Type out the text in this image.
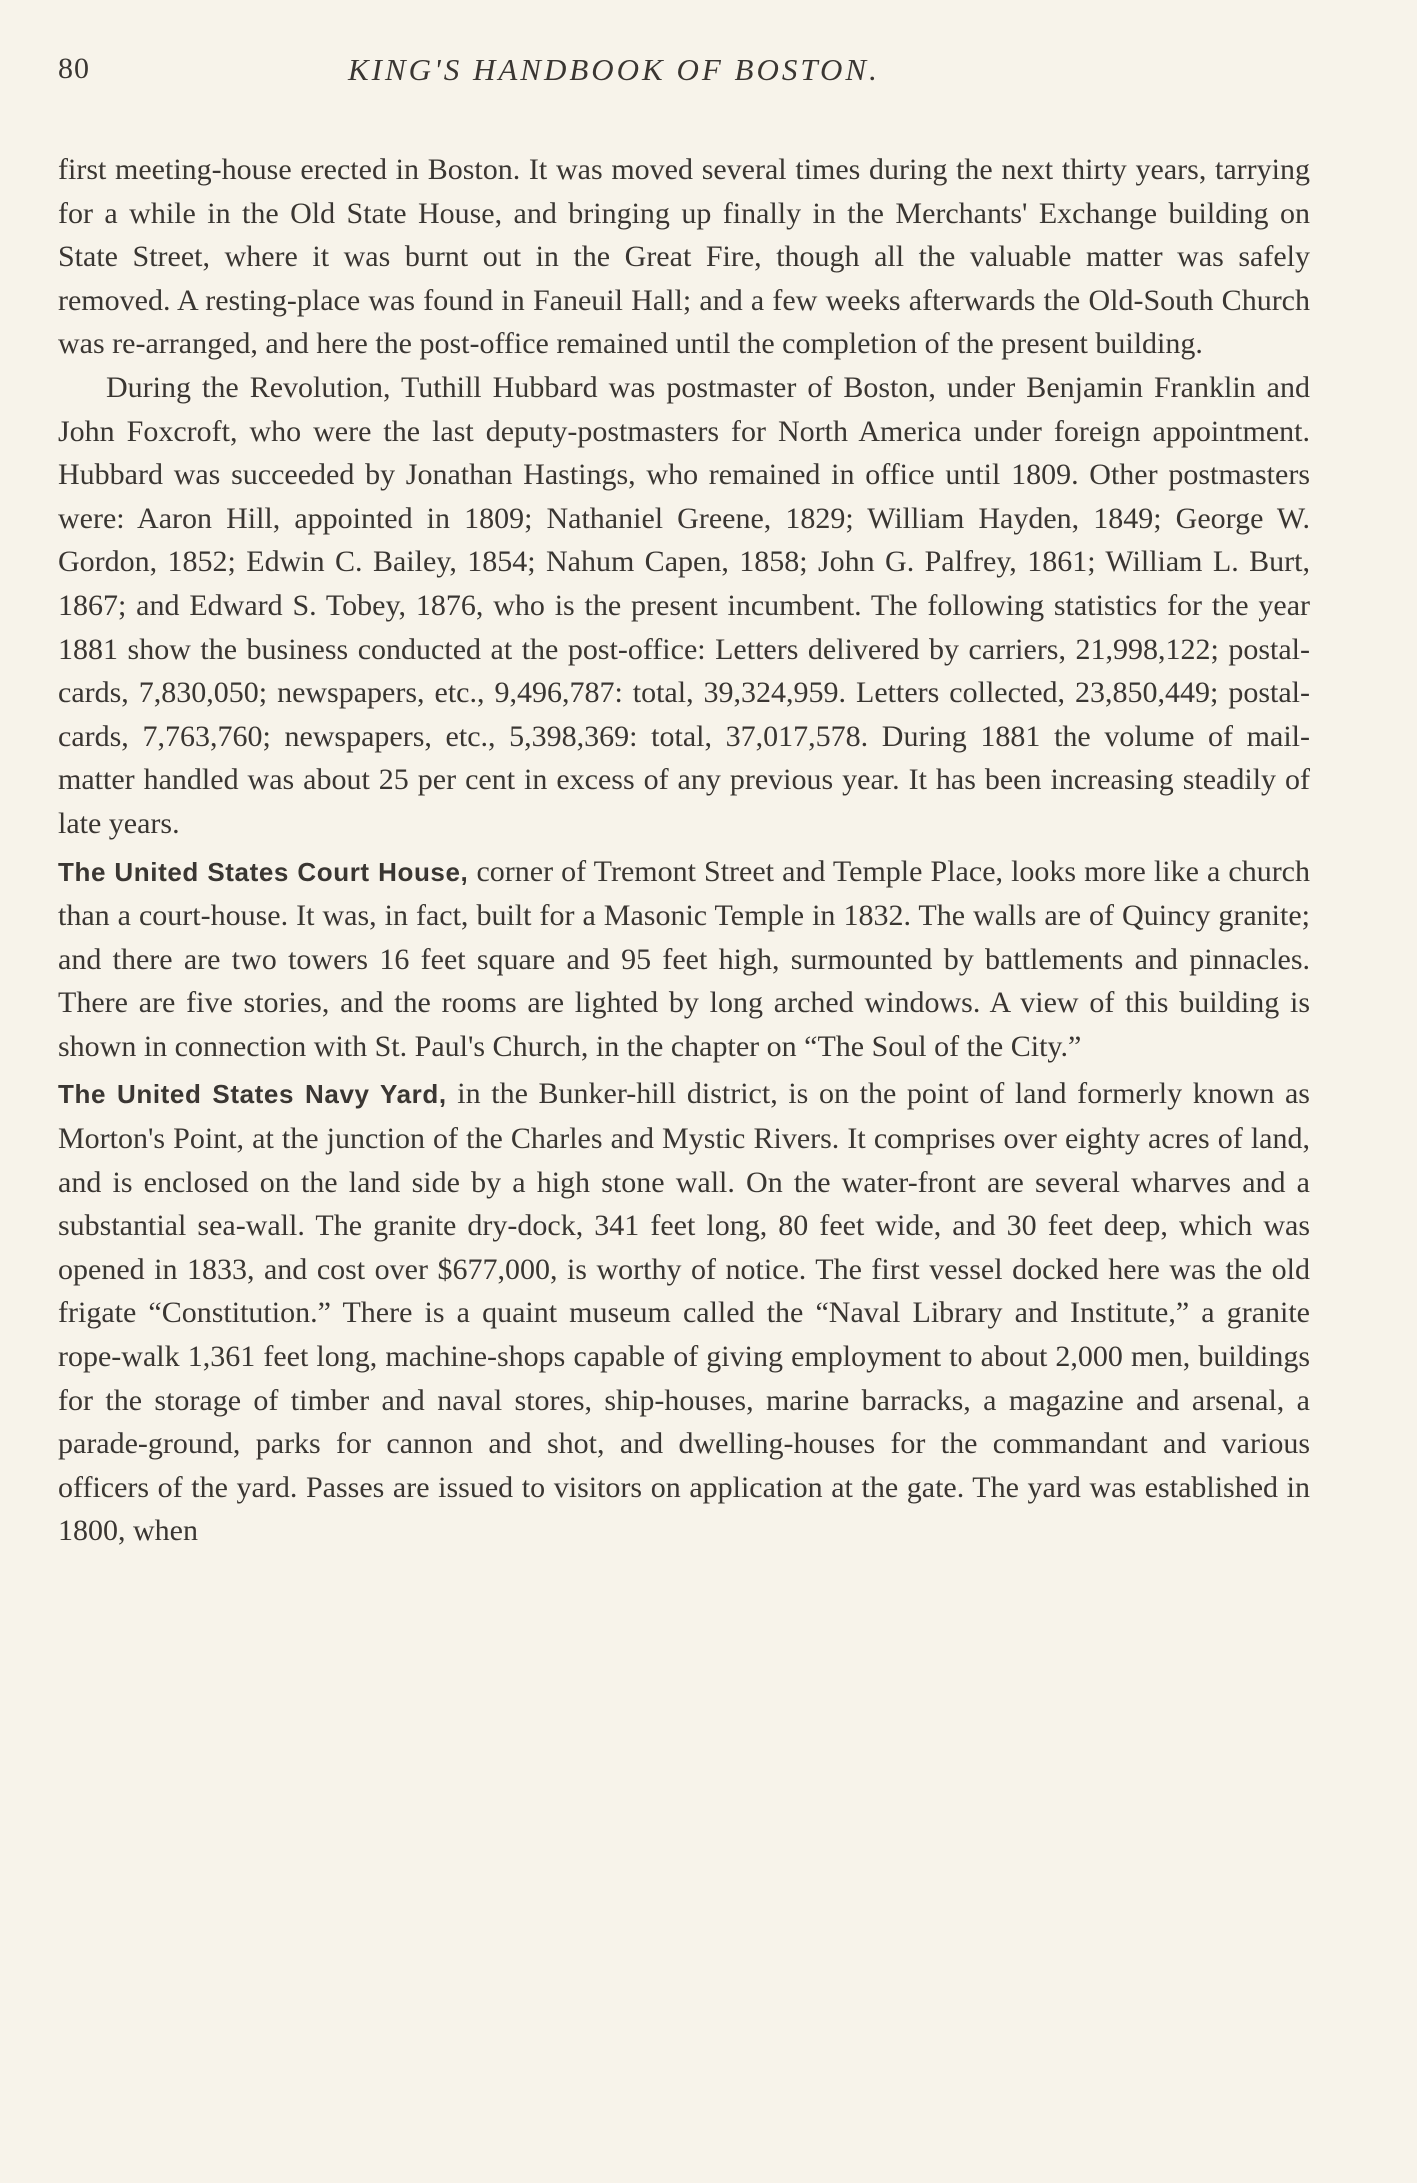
80	KING'S HANDBOOK OF BOSTON.

first meeting-house erected in Boston. It was moved several times during the next thirty years, tarrying for a while in the Old State House, and bringing up finally in the Merchants' Exchange building on State Street, where it was burnt out in the Great Fire, though all the valuable matter was safely removed. A resting-place was found in Faneuil Hall; and a few weeks afterwards the Old-South Church was re-arranged, and here the post-office remained until the completion of the present building.

During the Revolution, Tuthill Hubbard was postmaster of Boston, under Benjamin Franklin and John Foxcroft, who were the last deputy-postmasters for North America under foreign appointment. Hubbard was succeeded by Jonathan Hastings, who remained in office until 1809. Other postmasters were: Aaron Hill, appointed in 1809; Nathaniel Greene, 1829; William Hayden, 1849; George W. Gordon, 1852; Edwin C. Bailey, 1854; Nahum Capen, 1858; John G. Palfrey, 1861; William L. Burt, 1867; and Edward S. Tobey, 1876, who is the present incumbent. The following statistics for the year 1881 show the business conducted at the post-office: Letters delivered by carriers, 21,998,122; postal-cards, 7,830,050; newspapers, etc., 9,496,787: total, 39,324,959. Letters collected, 23,850,449; postal-cards, 7,763,760; newspapers, etc., 5,398,369: total, 37,017,578. During 1881 the volume of mail-matter handled was about 25 per cent in excess of any previous year. It has been increasing steadily of late years.

The United States Court House, corner of Tremont Street and Temple Place, looks more like a church than a court-house. It was, in fact, built for a Masonic Temple in 1832. The walls are of Quincy granite; and there are two towers 16 feet square and 95 feet high, surmounted by battlements and pinnacles. There are five stories, and the rooms are lighted by long arched windows. A view of this building is shown in connection with St. Paul's Church, in the chapter on “The Soul of the City.”

The United States Navy Yard, in the Bunker-hill district, is on the point of land formerly known as Morton's Point, at the junction of the Charles and Mystic Rivers. It comprises over eighty acres of land, and is enclosed on the land side by a high stone wall. On the water-front are several wharves and a substantial sea-wall. The granite dry-dock, 341 feet long, 80 feet wide, and 30 feet deep, which was opened in 1833, and cost over $677,000, is worthy of notice. The first vessel docked here was the old frigate “Constitution.” There is a quaint museum called the “Naval Library and Institute,” a granite rope-walk 1,361 feet long, machine-shops capable of giving employment to about 2,000 men, buildings for the storage of timber and naval stores, ship-houses, marine barracks, a magazine and arsenal, a parade-ground, parks for cannon and shot, and dwelling-houses for the commandant and various officers of the yard. Passes are issued to visitors on application at the gate. The yard was established in 1800, when
